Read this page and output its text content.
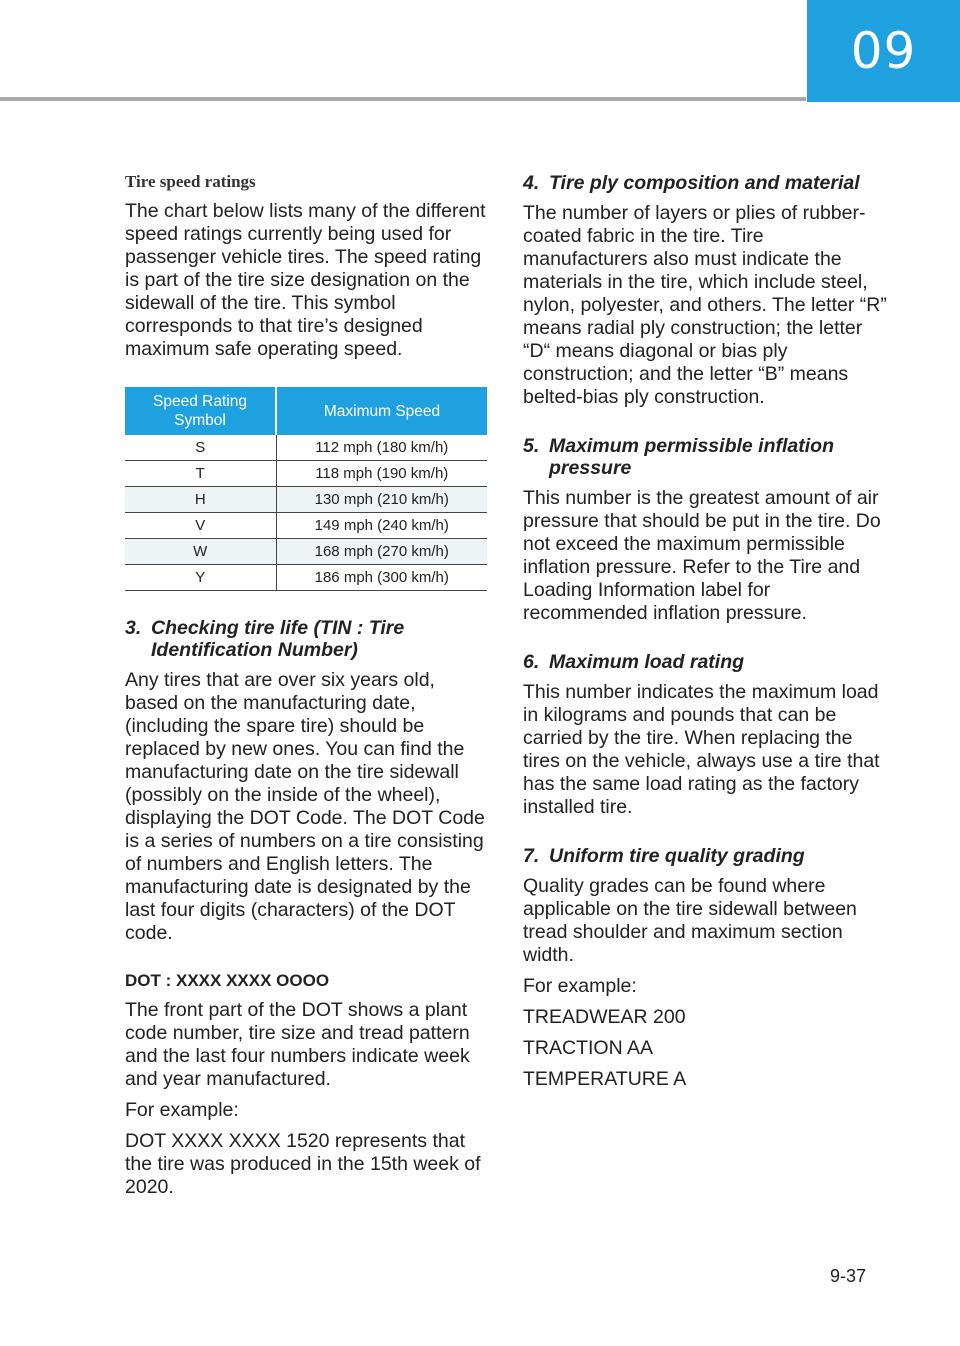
09
Tire speed ratings

The chart below lists many of the different speed ratings currently being used for passenger vehicle tires. The speed rating is part of the tire size designation on the sidewall of the tire. This symbol corresponds to that tire’s designed maximum safe operating speed.

Speed Rating Symbol	Maximum Speed
S	112 mph (180 km/h)
T	118 mph (190 km/h)
H	130 mph (210 km/h)
V	149 mph (240 km/h)
W	168 mph (270 km/h)
Y	186 mph (300 km/h)
3. Checking tire life (TIN : Tire Identification Number)

Any tires that are over six years old, based on the manufacturing date, (including the spare tire) should be replaced by new ones. You can find the manufacturing date on the tire sidewall (possibly on the inside of the wheel), displaying the DOT Code. The DOT Code is a series of numbers on a tire consisting of numbers and English letters. The manufacturing date is designated by the last four digits (characters) of the DOT code.

DOT : XXXX XXXX OOOO

The front part of the DOT shows a plant code number, tire size and tread pattern and the last four numbers indicate week and year manufactured.

For example:

DOT XXXX XXXX 1520 represents that the tire was produced in the 15th week of 2020.

4. Tire ply composition and material

The number of layers or plies of rubber-coated fabric in the tire. Tire manufacturers also must indicate the materials in the tire, which include steel, nylon, polyester, and others. The letter “R” means radial ply construction; the letter “D“ means diagonal or bias ply construction; and the letter “B” means belted-bias ply construction.

5. Maximum permissible inflation pressure

This number is the greatest amount of air pressure that should be put in the tire. Do not exceed the maximum permissible inflation pressure. Refer to the Tire and Loading Information label for recommended inflation pressure.

6. Maximum load rating

This number indicates the maximum load in kilograms and pounds that can be carried by the tire. When replacing the tires on the vehicle, always use a tire that has the same load rating as the factory installed tire.

7. Uniform tire quality grading

Quality grades can be found where applicable on the tire sidewall between tread shoulder and maximum section width.

For example:

TREADWEAR 200

TRACTION AA

TEMPERATURE A

9-37
